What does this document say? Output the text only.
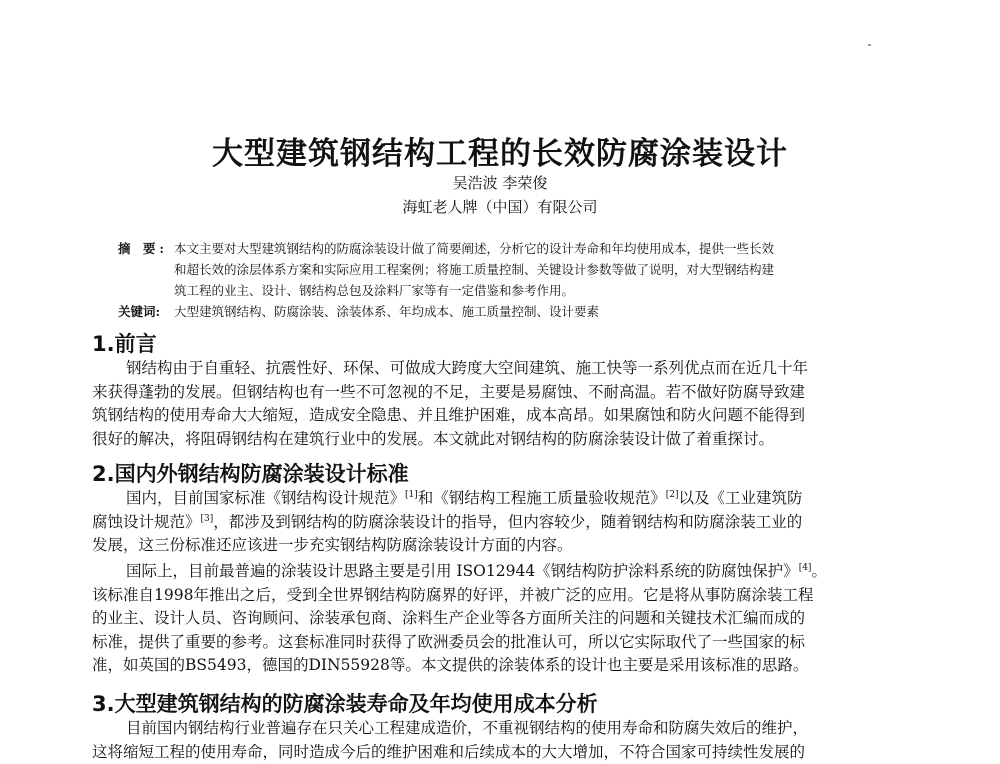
大型建筑钢结构工程的长效防腐涂装设计
吴浩波 李荣俊
海虹老人牌（中国）有限公司
摘 要: 本文主要对大型建筑钢结构的防腐涂装设计做了简要阐述，分析它的设计寿命和年均使用成本，提供一些长效
和超长效的涂层体系方案和实际应用工程案例；将施工质量控制、关键设计参数等做了说明，对大型钢结构建
筑工程的业主、设计、钢结构总包及涂料厂家等有一定借鉴和参考作用。
关键词: 大型建筑钢结构、防腐涂装、涂装体系、年均成本、施工质量控制、设计要素
1.前言
钢结构由于自重轻、抗震性好、环保、可做成大跨度大空间建筑、施工快等一系列优点而在近几十年
来获得蓬勃的发展。但钢结构也有一些不可忽视的不足，主要是易腐蚀、不耐高温。若不做好防腐导致建
筑钢结构的使用寿命大大缩短，造成安全隐患、并且维护困难，成本高昂。如果腐蚀和防火问题不能得到
很好的解决，将阻碍钢结构在建筑行业中的发展。本文就此对钢结构的防腐涂装设计做了着重探讨。
2.国内外钢结构防腐涂装设计标准
国内，目前国家标准《钢结构设计规范》[1]和《钢结构工程施工质量验收规范》[2]以及《工业建筑防
腐蚀设计规范》[3]，都涉及到钢结构的防腐涂装设计的指导，但内容较少，随着钢结构和防腐涂装工业的
发展，这三份标准还应该进一步充实钢结构防腐涂装设计方面的内容。
国际上，目前最普遍的涂装设计思路主要是引用 ISO12944《钢结构防护涂料系统的防腐蚀保护》[4]。
该标准自1998年推出之后，受到全世界钢结构防腐界的好评，并被广泛的应用。它是将从事防腐涂装工程
的业主、设计人员、咨询顾问、涂装承包商、涂料生产企业等各方面所关注的问题和关键技术汇编而成的
标准，提供了重要的参考。这套标准同时获得了欧洲委员会的批准认可，所以它实际取代了一些国家的标
准，如英国的BS5493，德国的DIN55928等。本文提供的涂装体系的设计也主要是采用该标准的思路。
3.大型建筑钢结构的防腐涂装寿命及年均使用成本分析
目前国内钢结构行业普遍存在只关心工程建成造价，不重视钢结构的使用寿命和防腐失效后的维护，
这将缩短工程的使用寿命，同时造成今后的维护困难和后续成本的大大增加，不符合国家可持续性发展的
